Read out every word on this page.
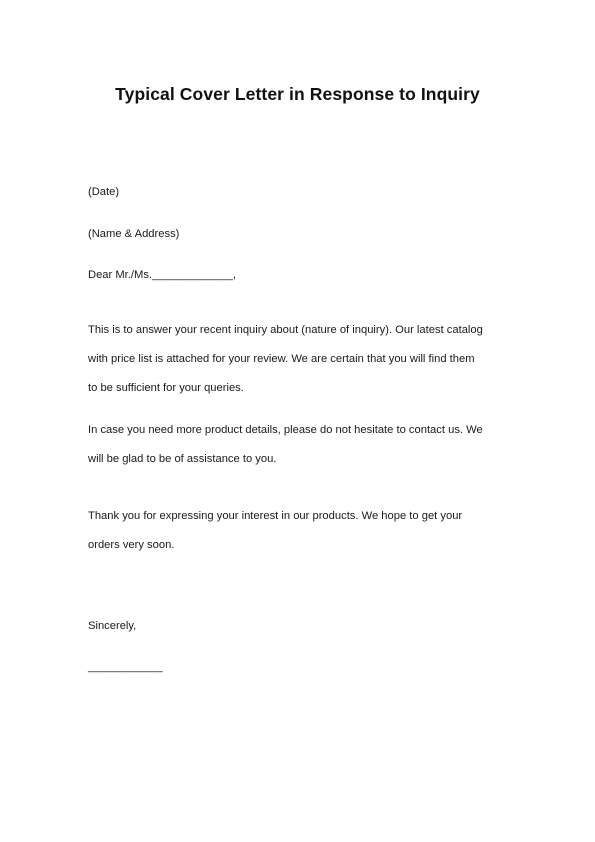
Typical Cover Letter in Response to Inquiry
(Date)
(Name & Address)
Dear Mr./Ms._____________,
This is to answer your recent inquiry about (nature of inquiry). Our latest catalog
with price list is attached for your review. We are certain that you will find them
to be sufficient for your queries.
In case you need more product details, please do not hesitate to contact us. We
will be glad to be of assistance to you.
Thank you for expressing your interest in our products. We hope to get your
orders very soon.
Sincerely,
____________
